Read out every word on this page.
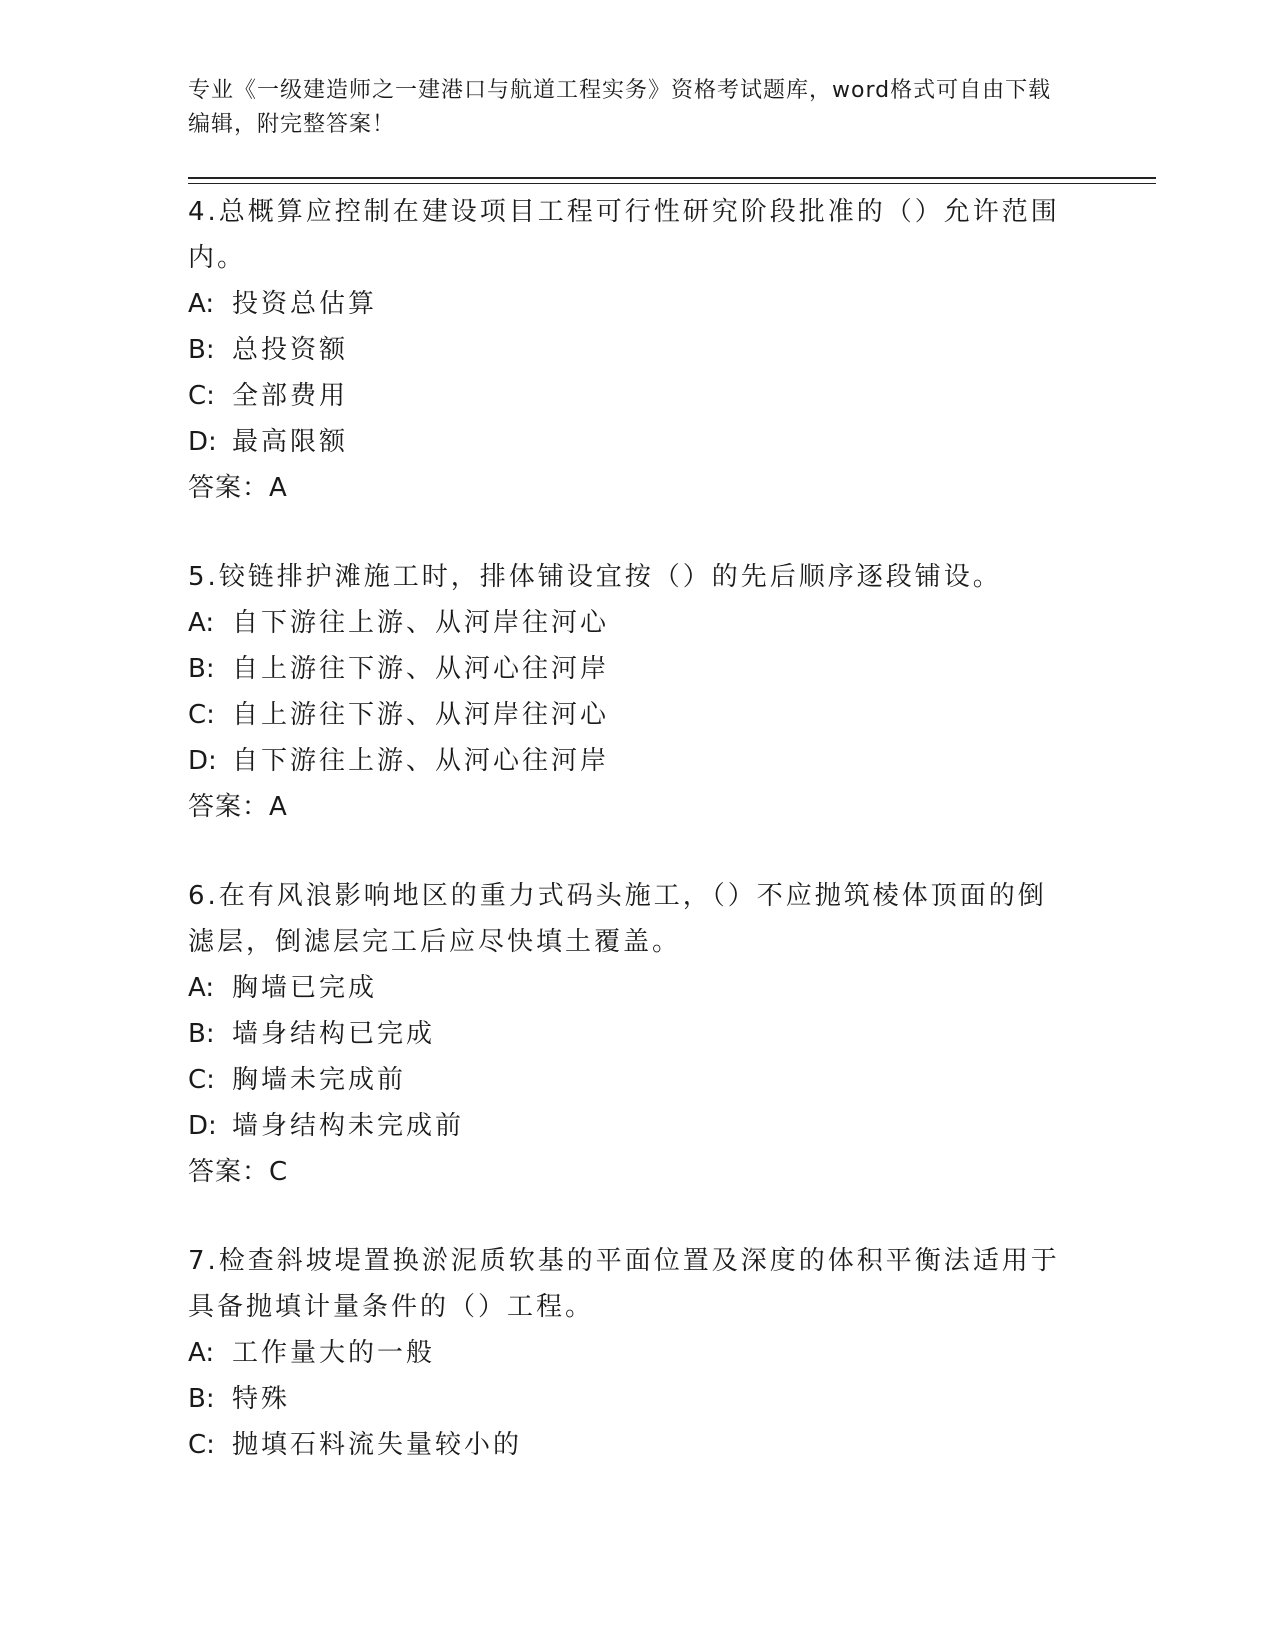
专业《一级建造师之一建港口与航道工程实务》资格考试题库，word格式可自由下载编辑，附完整答案！
4.总概算应控制在建设项目工程可行性研究阶段批准的（）允许范围内。
A: 投资总估算
B: 总投资额
C: 全部费用
D: 最高限额
答案：A
5.铰链排护滩施工时，排体铺设宜按（）的先后顺序逐段铺设。
A: 自下游往上游、从河岸往河心
B: 自上游往下游、从河心往河岸
C: 自上游往下游、从河岸往河心
D: 自下游往上游、从河心往河岸
答案：A
6.在有风浪影响地区的重力式码头施工，（）不应抛筑棱体顶面的倒滤层，倒滤层完工后应尽快填土覆盖。
A: 胸墙已完成
B: 墙身结构已完成
C: 胸墙未完成前
D: 墙身结构未完成前
答案：C
7.检查斜坡堤置换淤泥质软基的平面位置及深度的体积平衡法适用于具备抛填计量条件的（）工程。
A: 工作量大的一般
B: 特殊
C: 抛填石料流失量较小的
